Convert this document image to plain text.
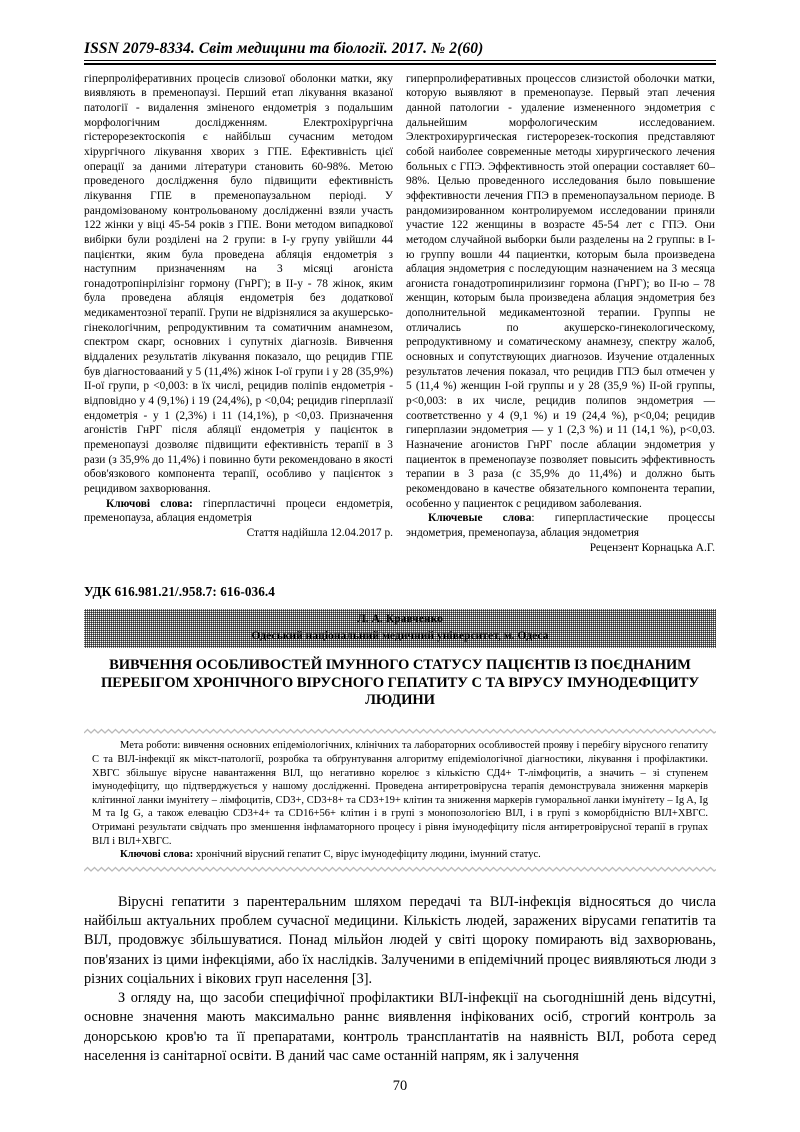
ISSN 2079-8334. Світ медицини та біології. 2017. № 2(60)

гіперпроліферативних процесів слизової оболонки матки, яку виявляють в пременопаузі. Перший етап лікування вказаної патології - видалення зміненого ендометрія з подальшим морфологічним дослідженням. Електрохірургічна гістерорезектоскопія є найбільш сучасним методом хірургічного лікування хворих з ГПЕ. Ефективність цієї операції за даними літератури становить 60-98%. Метою проведеного дослідження було підвищити ефективність лікування ГПЕ в пременопаузальном періоді. У рандомізованому контрольованому дослідженні взяли участь 122 жінки у віці 45-54 років з ГПЕ. Вони методом випадкової вибірки були розділені на 2 групи: в I-у групу увійшли 44 пацієнтки, яким була проведена абляція ендометрія з наступним призначенням на 3 місяці агоніста гонадотропінрілізінг гормону (ГнРГ); в II-у - 78 жінок, яким була проведена абляція ендометрія без додаткової медикаментозної терапії. Групи не відрізнялися за акушерсько-гінекологічним, репродуктивним та соматичним анамнезом, спектром скарг, основних і супутніх діагнозів. Вивчення віддалених результатів лікування показало, що рецидив ГПЕ був діагностовааний у 5 (11,4%) жінок I-ої групи і у 28 (35,9%) II-ої групи, р <0,003: в їх числі, рецидив поліпів ендометрія - відповідно у 4 (9,1%) і 19 (24,4%), р <0,04; рецидив гіперплазії ендометрія - у 1 (2,3%) і 11 (14,1%), р <0,03. Призначення агоністів ГнРГ після абляції ендометрія у пацієнток в пременопаузі дозволяє підвищити ефективність терапії в 3 рази (з 35,9% до 11,4%) і повинно бути рекомендовано в якості обов'язкового компонента терапії, особливо у пацієнток з рецидивом захворювання.

Ключові слова: гіперпластичні процеси ендометрія, пременопауза, аблация ендометрія

Стаття надійшла 12.04.2017 р.

гиперпролиферативных процессов слизистой оболочки матки, которую выявляют в пременопаузе. Первый этап лечения данной патологии - удаление измененного эндометрия с дальнейшим морфологическим исследованием. Электрохирургическая гистерорезек-тоскопия представляют собой наиболее современные методы хирургического лечения больных с ГПЭ. Эффективность этой операции составляет 60–98%. Целью проведенного исследования было повышение эффективности лечения ГПЭ в пременопаузальном периоде. В рандомизированном контролируемом исследовании приняли участие 122 женщины в возрасте 45-54 лет с ГПЭ. Они методом случайной выборки были разделены на 2 группы: в I-ю группу вошли 44 пациентки, которым была произведена аблация эндометрия с последующим назначением на 3 месяца агониста гонадотропинрилизинг гормона (ГнРГ); во II-ю – 78 женщин, которым была произведена аблация эндометрия без дополнительной медикаментозной терапии. Группы не отличались по акушерско-гинекологическому, репродуктивному и соматическому анамнезу, спектру жалоб, основных и сопутствующих диагнозов. Изучение отдаленных результатов лечения показал, что рецидив ГПЭ был отмечен у 5 (11,4 %) женщин I-ой группы и у 28 (35,9 %) II-ой группы, р<0,003: в их числе, рецидив полипов эндометрия — соответственно у 4 (9,1 %) и 19 (24,4 %), р<0,04; рецидив гиперплазии эндометрия — у 1 (2,3 %) и 11 (14,1 %), р<0,03. Назначение агонистов ГнРГ после аблации эндометрия у пациенток в пременопаузе позволяет повысить эффективность терапии в 3 раза (с 35,9% до 11,4%) и должно быть рекомендовано в качестве обязательного компонента терапии, особенно у пациенток с рецидивом заболевания.

Ключевые слова: гиперпластические процессы эндометрия, пременопауза, аблация эндометрия

Рецензент Корнацька А.Г.

УДК 616.981.21/.958.7: 616-036.4
Л. А. Кравченко
Одеський національний медичний університет, м. Одеса
ВИВЧЕННЯ ОСОБЛИВОСТЕЙ ІМУННОГО СТАТУСУ ПАЦІЄНТІВ ІЗ ПОЄДНАНИМ ПЕРЕБІГОМ ХРОНІЧНОГО ВІРУСНОГО ГЕПАТИТУ С ТА ВІРУСУ ІМУНОДЕФІЦИТУ ЛЮДИНИ

Мета роботи: вивчення основних епідеміологічних, клінічних та лабораторних особливостей прояву і перебігу вірусного гепатиту С та ВІЛ-інфекції як мікст-патології, розробка та обґрунтування алгоритму епідеміологічної діагностики, лікування і профілактики. ХВГС збільшує вірусне навантаження ВІЛ, що негативно корелює з кількістю СД4+ Т-лімфоцитів, а значить – зі ступенем імунодефіциту, що підтверджується у нашому дослідженні. Проведена антиретровірусна терапія демонструвала зниження маркерів клітинної ланки імунітету – лімфоцитів, CD3+, CD3+8+ та CD3+19+ клітин та зниження маркерів гуморальної ланки імунітету – Ig A, Ig M та Ig G, а також елевацію CD3+4+ та CD16+56+ клітин і в групі з монопозологією ВІЛ, і в групі з коморбідністю ВІЛ+ХВГС. Отримані результати свідчать про зменшення інфламаторного процесу і рівня імунодефіциту після антиретровірусної терапії в групах ВІЛ і ВІЛ+ХВГС.

Ключові слова: хронічний вірусний гепатит С, вірус імунодефіциту людини, імунний статус.

Вірусні гепатити з парентеральним шляхом передачі та ВІЛ-інфекція відносяться до числа найбільш актуальних проблем сучасної медицини. Кількість людей, заражених вірусами гепатитів та ВІЛ, продовжує збільшуватися. Понад мільйон людей у світі щороку помирають від захворювань, пов'язаних із цими інфекціями, або їх наслідків. Залученими в епідемічний процес виявляються люди з різних соціальних і вікових груп населення [3].

З огляду на, що засоби специфічної профілактики ВІЛ-інфекції на сьогоднішній день відсутні, основне значення мають максимально раннє виявлення інфікованих осіб, строгий контроль за донорською кров'ю та її препаратами, контроль трансплантатів на наявність ВІЛ, робота серед населення із санітарної освіти. В даний час саме останній напрям, як і залучення

70
